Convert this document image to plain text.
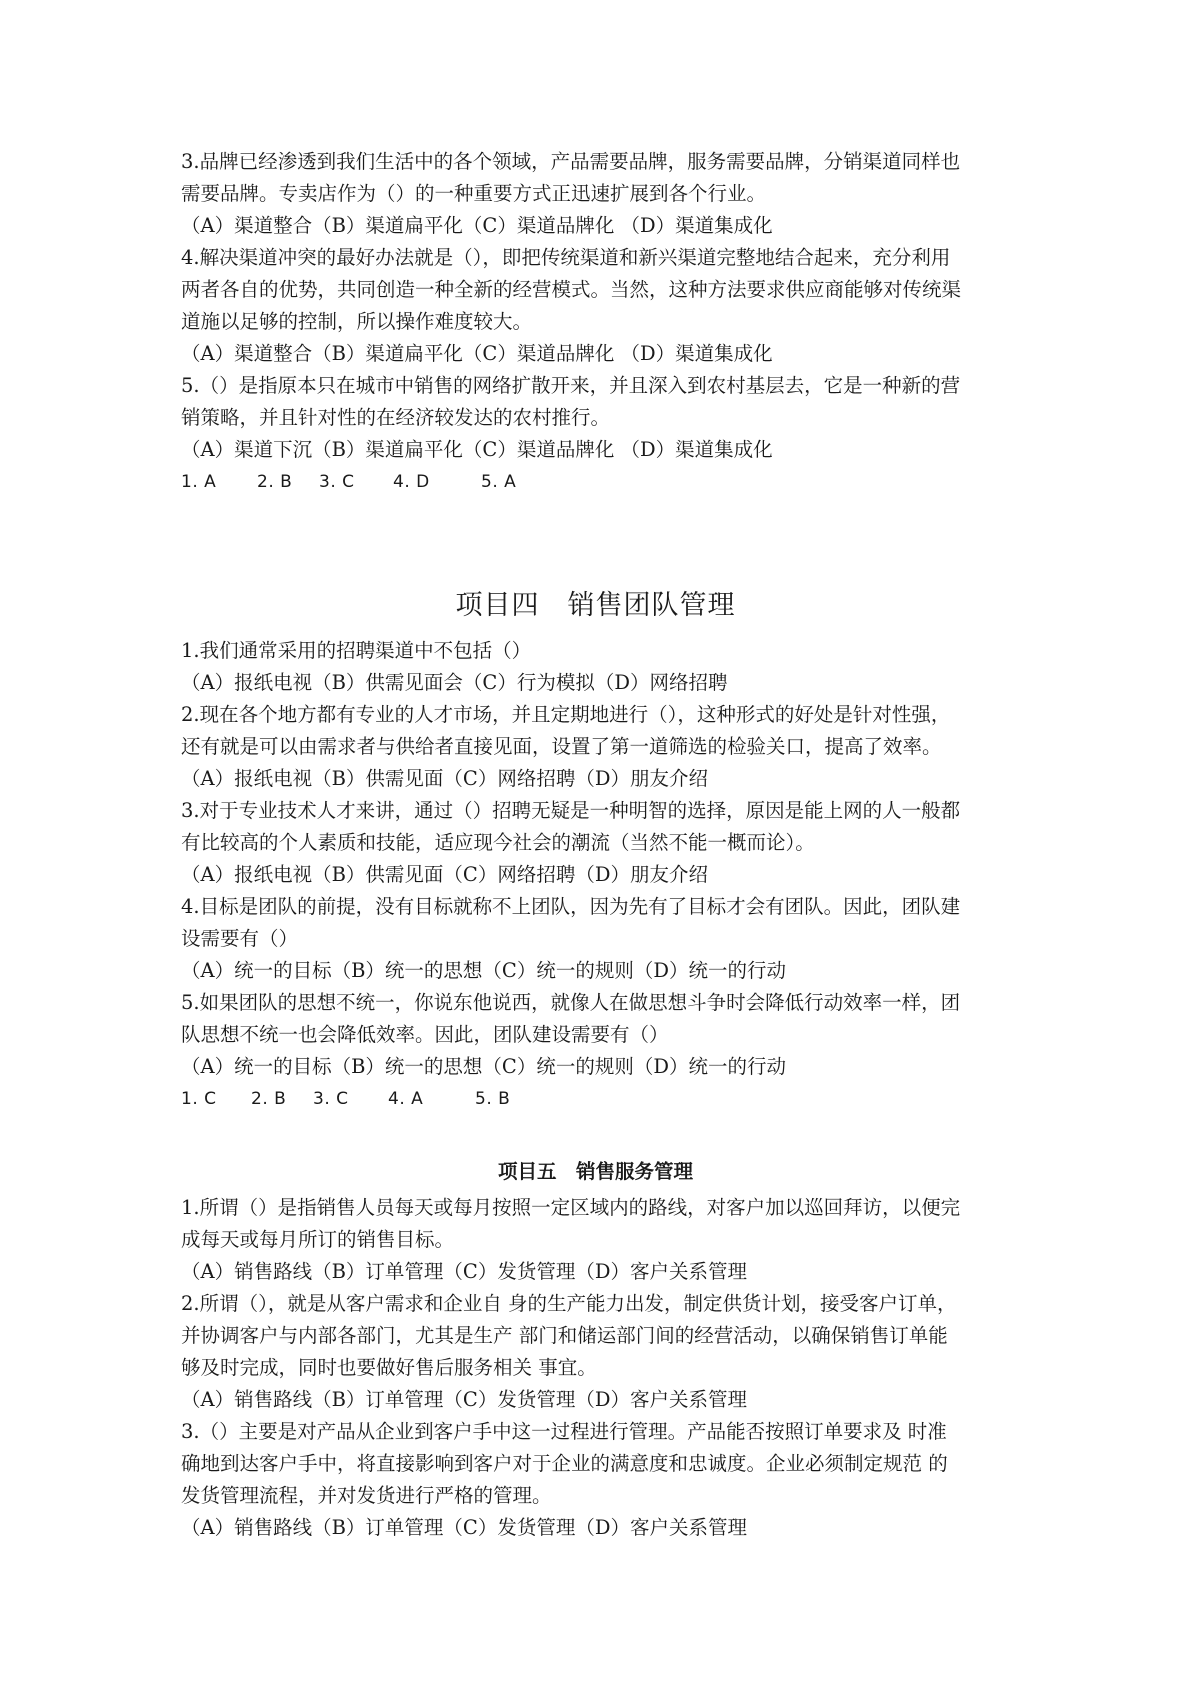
3.品牌已经渗透到我们生活中的各个领域，产品需要品牌，服务需要品牌，分销渠道同样也
需要品牌。专卖店作为（）的一种重要方式正迅速扩展到各个行业。
（A）渠道整合（B）渠道扁平化（C）渠道品牌化 （D）渠道集成化
4.解决渠道冲突的最好办法就是（），即把传统渠道和新兴渠道完整地结合起来，充分利用
两者各自的优势，共同创造一种全新的经营模式。当然，这种方法要求供应商能够对传统渠
道施以足够的控制，所以操作难度较大。
（A）渠道整合（B）渠道扁平化（C）渠道品牌化 （D）渠道集成化
5.（）是指原本只在城市中销售的网络扩散开来，并且深入到农村基层去，它是一种新的营
销策略，并且针对性的在经济较发达的农村推行。
（A）渠道下沉（B）渠道扁平化（C）渠道品牌化 （D）渠道集成化
1. A 2. B 3. C 4. D	5. A
项目四　销售团队管理
1.我们通常采用的招聘渠道中不包括（）
（A）报纸电视（B）供需见面会（C）行为模拟（D）网络招聘
2.现在各个地方都有专业的人才市场，并且定期地进行（），这种形式的好处是针对性强，
还有就是可以由需求者与供给者直接见面，设置了第一道筛选的检验关口，提高了效率。
（A）报纸电视（B）供需见面（C）网络招聘（D）朋友介绍
3.对于专业技术人才来讲，通过（）招聘无疑是一种明智的选择，原因是能上网的人一般都
有比较高的个人素质和技能，适应现今社会的潮流（当然不能一概而论）。
（A）报纸电视（B）供需见面（C）网络招聘（D）朋友介绍
4.目标是团队的前提，没有目标就称不上团队，因为先有了目标才会有团队。因此，团队建
设需要有（）
（A）统一的目标（B）统一的思想（C）统一的规则（D）统一的行动
5.如果团队的思想不统一，你说东他说西，就像人在做思想斗争时会降低行动效率一样，团
队思想不统一也会降低效率。因此，团队建设需要有（）
（A）统一的目标（B）统一的思想（C）统一的规则（D）统一的行动
1. C 2. B 3. C 4. A	5. B
项目五　销售服务管理
1.所谓（）是指销售人员每天或每月按照一定区域内的路线，对客户加以巡回拜访，以便完
成每天或每月所订的销售目标。
（A）销售路线（B）订单管理（C）发货管理（D）客户关系管理
2.所谓（），就是从客户需求和企业自 身的生产能力出发，制定供货计划，接受客户订单，
并协调客户与内部各部门，尤其是生产 部门和储运部门间的经营活动，以确保销售订单能
够及时完成，同时也要做好售后服务相关 事宜。
（A）销售路线（B）订单管理（C）发货管理（D）客户关系管理
3.（）主要是对产品从企业到客户手中这一过程进行管理。产品能否按照订单要求及 时准
确地到达客户手中，将直接影响到客户对于企业的满意度和忠诚度。企业必须制定规范 的
发货管理流程，并对发货进行严格的管理。
（A）销售路线（B）订单管理（C）发货管理（D）客户关系管理
